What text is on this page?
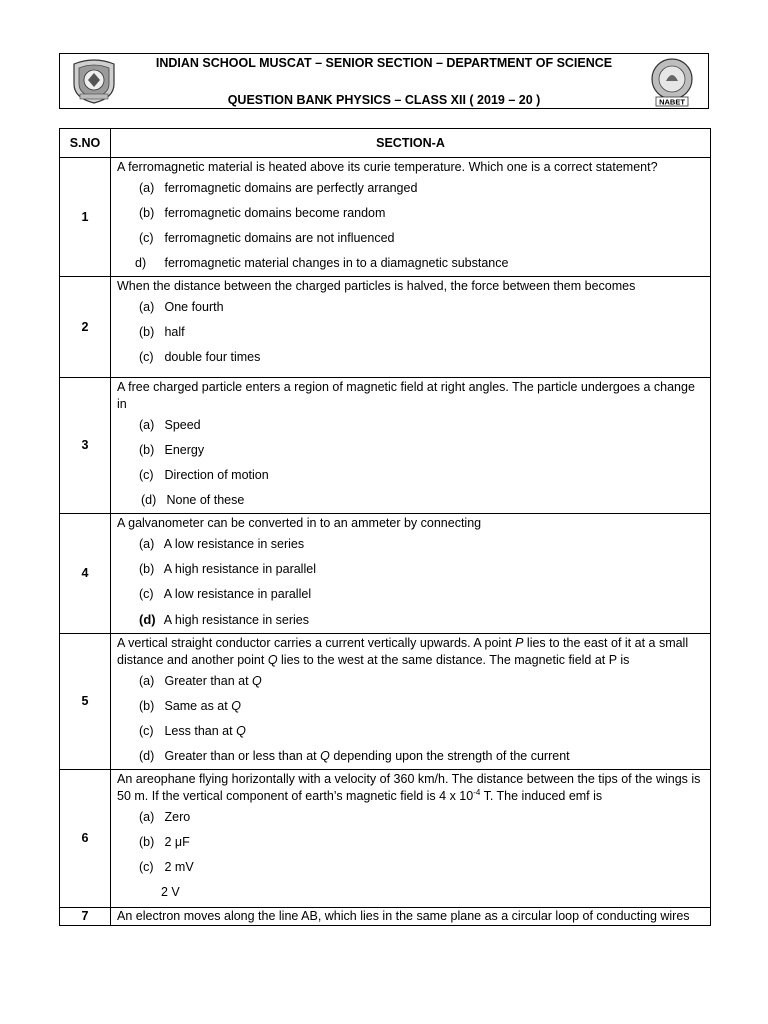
INDIAN SCHOOL MUSCAT – SENIOR SECTION – DEPARTMENT OF SCIENCE
QUESTION BANK PHYSICS – CLASS XII ( 2019 – 20 )	NABET
S.NO	SECTION-A
1	A ferromagnetic material is heated above its curie temperature. Which one is a correct statement?
(a) ferromagnetic domains are perfectly arranged
(b) ferromagnetic domains become random
(c) ferromagnetic domains are not influenced
d) ferromagnetic material changes in to a diamagnetic substance

2	When the distance between the charged particles is halved, the force between them becomes
(a) One fourth
(b) half
(c) double four times

3	A free charged particle enters a region of magnetic field at right angles. The particle undergoes a change in
(a) Speed
(b) Energy
(c) Direction of motion
(d) None of these

4	A galvanometer can be converted in to an ammeter by connecting
(a) A low resistance in series
(b) A high resistance in parallel
(c) A low resistance in parallel
(d) A high resistance in series

5	A vertical straight conductor carries a current vertically upwards. A point P lies to the east of it at a small distance and another point Q lies to the west at the same distance. The magnetic field at P is
(a) Greater than at Q
(b) Same as at Q
(c) Less than at Q
(d) Greater than or less than at Q depending upon the strength of the current

6	An areophane flying horizontally with a velocity of 360 km/h. The distance between the tips of the wings is 50 m. If the vertical component of earth’s magnetic field is 4 x $10^{-4}$ T. The induced emf is
(a) Zero
(b) 2 μF
(c) 2 mV
2 V

7	An electron moves along the line AB, which lies in the same plane as a circular loop of conducting wires
